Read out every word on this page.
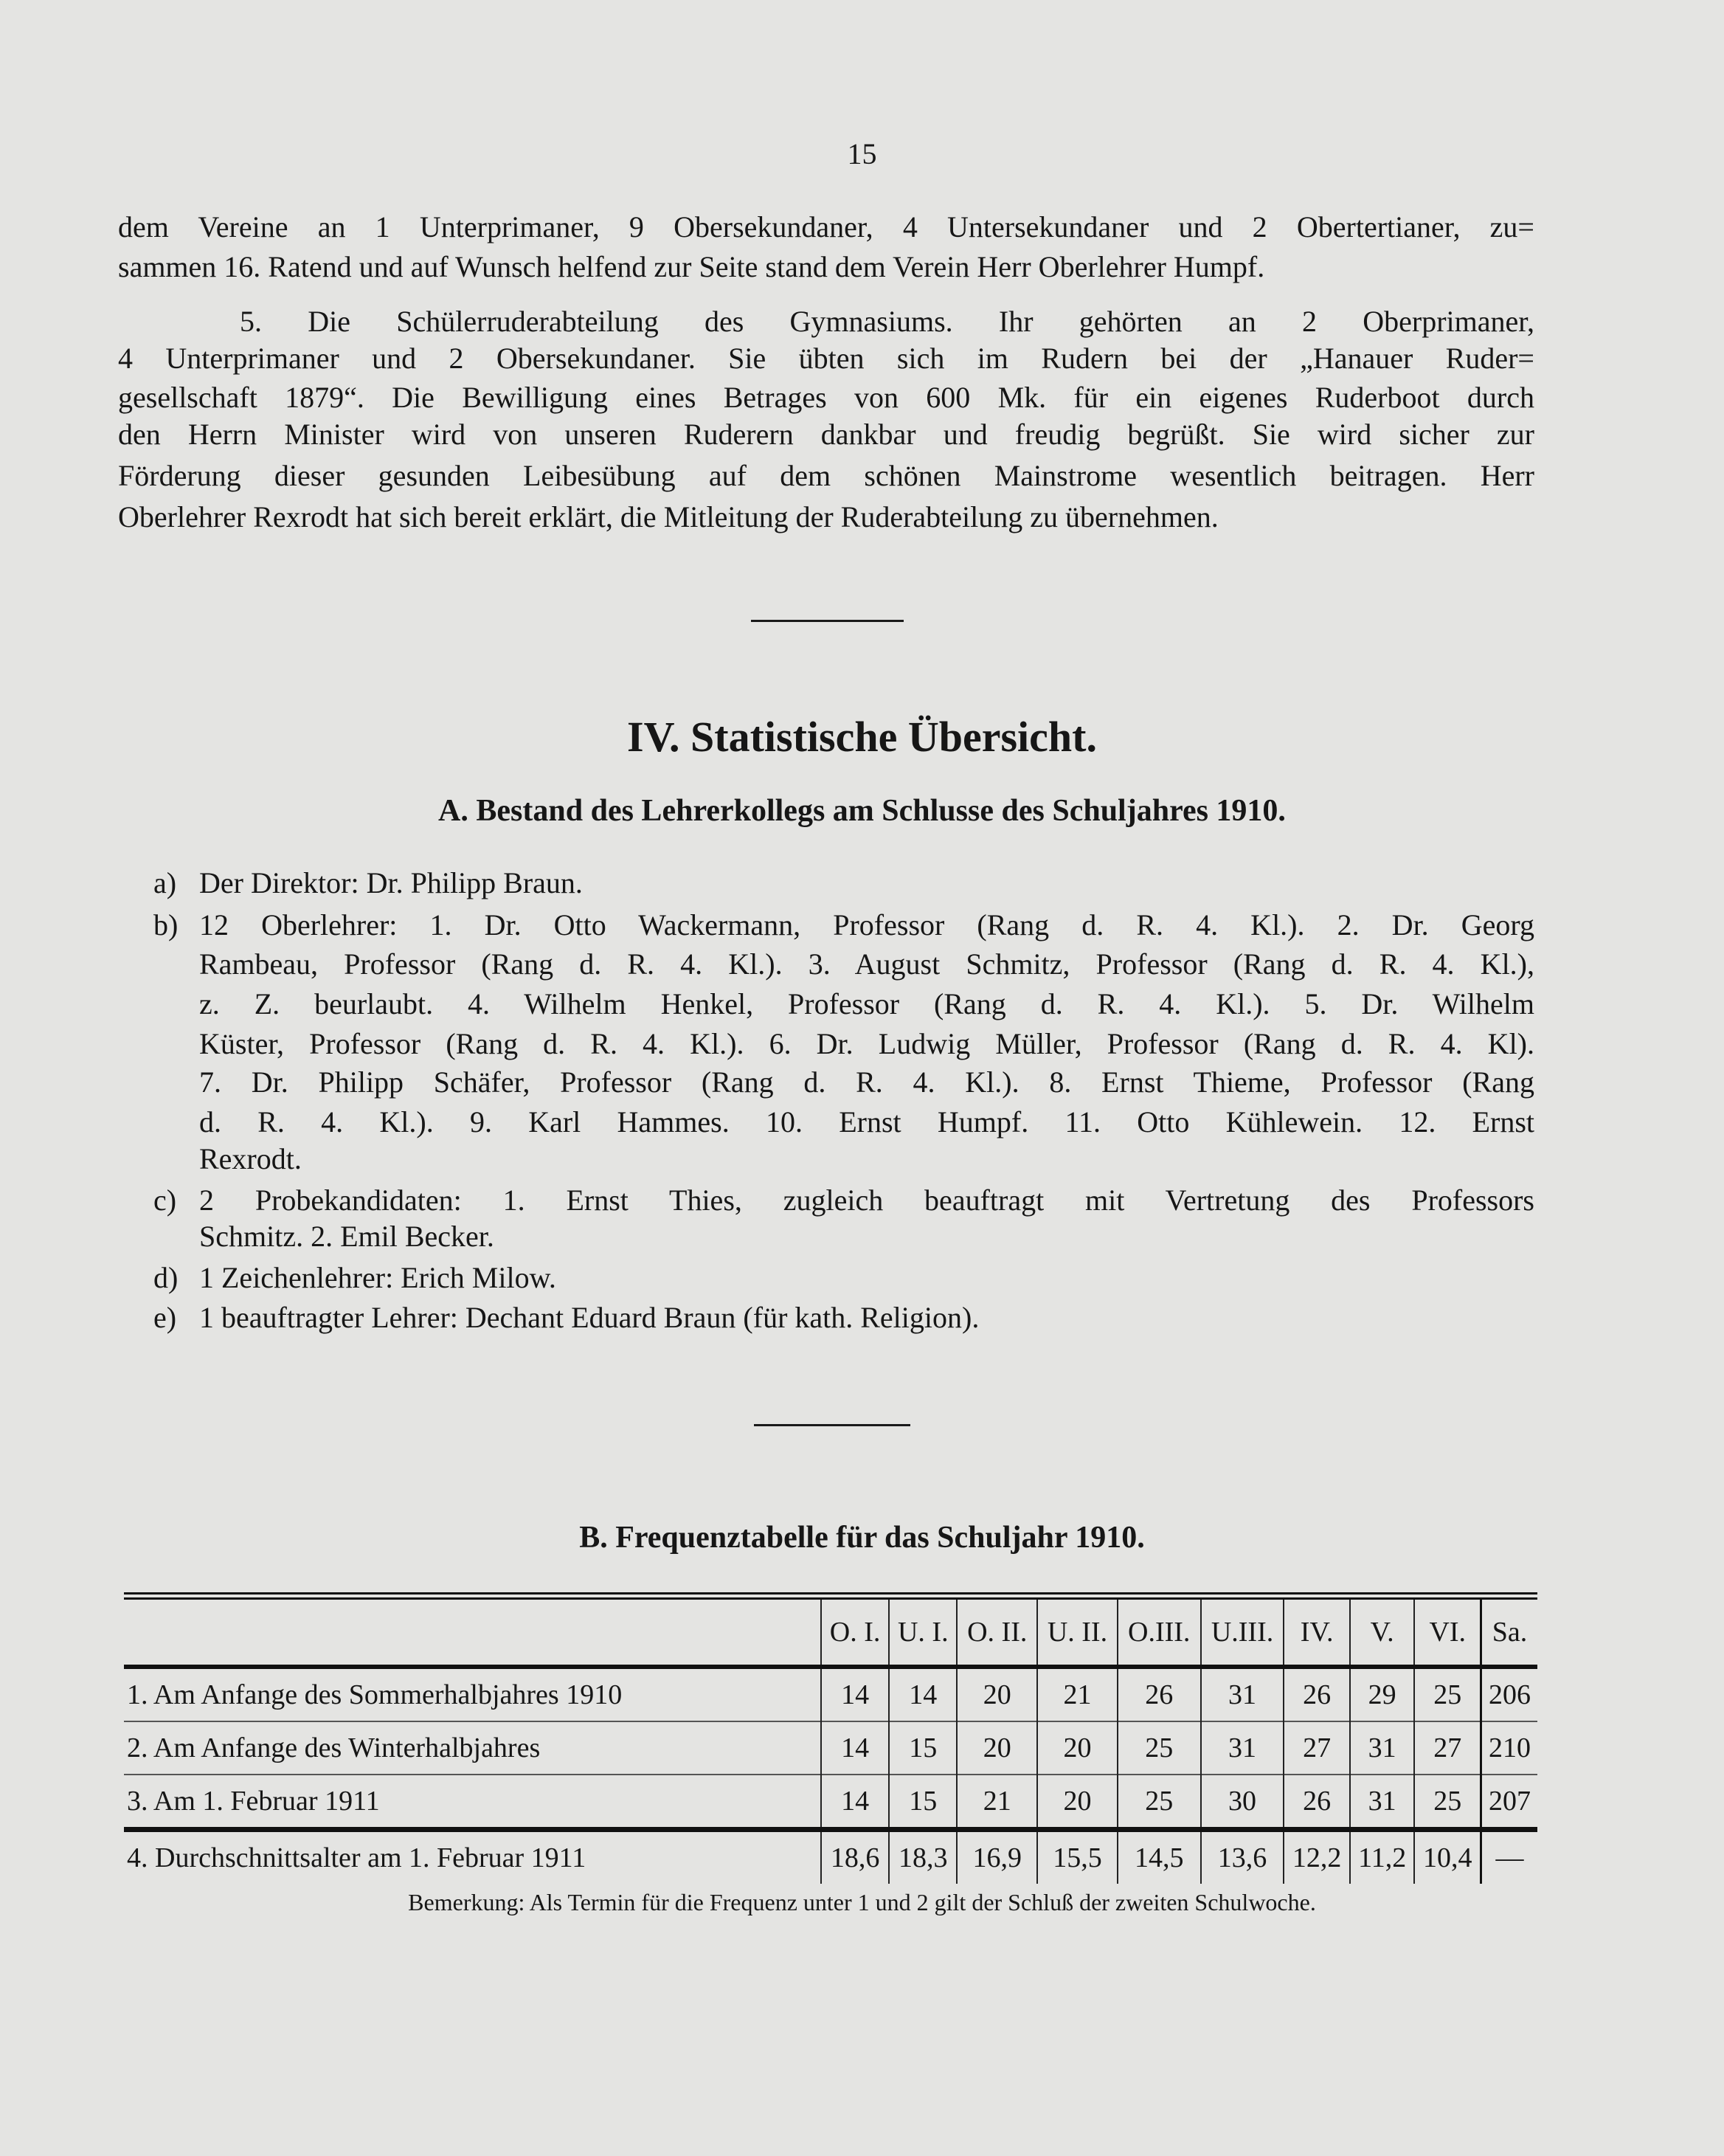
15
dem Vereine an 1 Unterprimaner, 9 Obersekundaner, 4 Untersekundaner und 2 Obertertianer, zu=
sammen 16. Ratend und auf Wunsch helfend zur Seite stand dem Verein Herr Oberlehrer Humpf.
5. Die Schülerruderabteilung des Gymnasiums. Ihr gehörten an 2 Oberprimaner,
4 Unterprimaner und 2 Obersekundaner. Sie übten sich im Rudern bei der „Hanauer Ruder=
gesellschaft 1879“. Die Bewilligung eines Betrages von 600 Mk. für ein eigenes Ruderboot durch
den Herrn Minister wird von unseren Ruderern dankbar und freudig begrüßt. Sie wird sicher zur
Förderung dieser gesunden Leibesübung auf dem schönen Mainstrome wesentlich beitragen. Herr
Oberlehrer Rexrodt hat sich bereit erklärt, die Mitleitung der Ruderabteilung zu übernehmen.
IV. Statistische Übersicht.
A. Bestand des Lehrerkollegs am Schlusse des Schuljahres 1910.
a) Der Direktor: Dr. Philipp Braun.
b) 12 Oberlehrer: 1. Dr. Otto Wackermann, Professor (Rang d. R. 4. Kl.). 2. Dr. Georg
Rambeau, Professor (Rang d. R. 4. Kl.). 3. August Schmitz, Professor (Rang d. R. 4. Kl.),
z. Z. beurlaubt. 4. Wilhelm Henkel, Professor (Rang d. R. 4. Kl.). 5. Dr. Wilhelm
Küster, Professor (Rang d. R. 4. Kl.). 6. Dr. Ludwig Müller, Professor (Rang d. R. 4. Kl).
7. Dr. Philipp Schäfer, Professor (Rang d. R. 4. Kl.). 8. Ernst Thieme, Professor (Rang
d. R. 4. Kl.). 9. Karl Hammes. 10. Ernst Humpf. 11. Otto Kühlewein. 12. Ernst
Rexrodt.
c) 2 Probekandidaten: 1. Ernst Thies, zugleich beauftragt mit Vertretung des Professors
Schmitz. 2. Emil Becker.
d) 1 Zeichenlehrer: Erich Milow.
e) 1 beauftragter Lehrer: Dechant Eduard Braun (für kath. Religion).
B. Frequenztabelle für das Schuljahr 1910.
	O. I.	U. I.	O. II.	U. II.	O.III.	U.III.	IV.	V.	VI.	Sa.
1. Am Anfange des Sommerhalbjahres 1910	14	14	20	21	26	31	26	29	25	206
2. Am Anfange des Winterhalbjahres	14	15	20	20	25	31	27	31	27	210
3. Am 1. Februar 1911	14	15	21	20	25	30	26	31	25	207
4. Durchschnittsalter am 1. Februar 1911	18,6	18,3	16,9	15,5	14,5	13,6	12,2	11,2	10,4	—
Bemerkung: Als Termin für die Frequenz unter 1 und 2 gilt der Schluß der zweiten Schulwoche.
